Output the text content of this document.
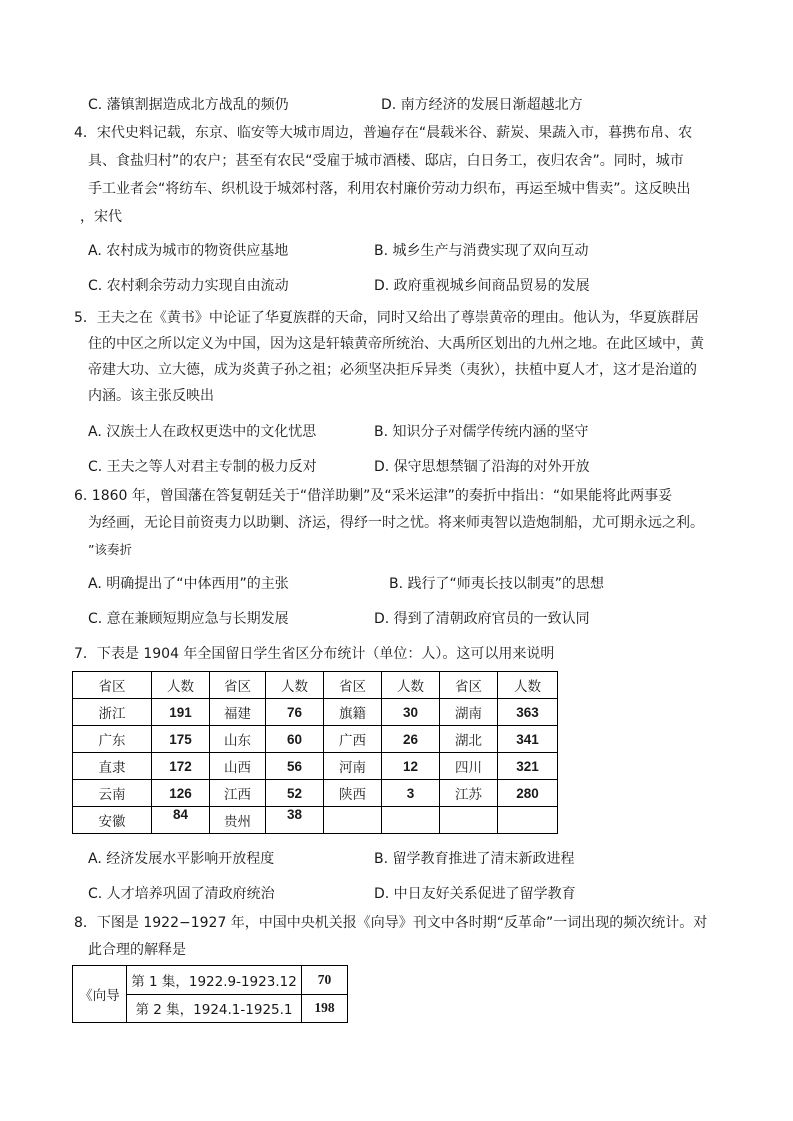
C. 藩镇割据造成北方战乱的频仍	D. 南方经济的发展日渐超越北方
4．宋代史料记载，东京、临安等大城市周边，普遍存在“晨载米谷、薪炭、果蔬入市，暮携布帛、农
具、食盐归村”的农户；甚至有农民“受雇于城市酒楼、邸店，白日务工，夜归农舍”。同时，城市
手工业者会“将纺车、织机设于城郊村落，利用农村廉价劳动力织布，再运至城中售卖”。这反映出
，宋代
A. 农村成为城市的物资供应基地	B. 城乡生产与消费实现了双向互动
C. 农村剩余劳动力实现自由流动	D. 政府重视城乡间商品贸易的发展
5．王夫之在《黄书》中论证了华夏族群的天命，同时又给出了尊崇黄帝的理由。他认为，华夏族群居
住的中区之所以定义为中国，因为这是轩辕黄帝所统治、大禹所区划出的九州之地。在此区域中，黄
帝建大功、立大德，成为炎黄子孙之祖；必须坚决拒斥异类（夷狄），扶植中夏人才，这才是治道的
内涵。该主张反映出
A. 汉族士人在政权更迭中的文化忧思	B. 知识分子对儒学传统内涵的坚守
C. 王夫之等人对君主专制的极力反对	D. 保守思想禁锢了沿海的对外开放
6. 1860 年，曾国藩在答复朝廷关于“借洋助剿”及“采米运津”的奏折中指出：“如果能将此两事妥
为经画，无论目前资夷力以助剿、济运，得纾一时之忧。将来师夷智以造炮制船，尤可期永远之利。
”该奏折
A. 明确提出了“中体西用”的主张	B. 践行了“师夷长技以制夷”的思想
C. 意在兼顾短期应急与长期发展	D. 得到了清朝政府官员的一致认同
7．下表是 1904 年全国留日学生省区分布统计（单位：人）。这可以用来说明
省区	人数	省区	人数	省区	人数	省区	人数
浙江	191	福建	76	旗籍	30	湖南	363
广东	175	山东	60	广西	26	湖北	341
直隶	172	山西	56	河南	12	四川	321
云南	126	江西	52	陕西	3	江苏	280
安徽	84	贵州	38				
A. 经济发展水平影响开放程度	B. 留学教育推进了清末新政进程
C. 人才培养巩固了清政府统治	D. 中日友好关系促进了留学教育
8．下图是 1922−1927 年，中国中央机关报《向导》刊文中各时期“反革命”一词出现的频次统计。对
此合理的解释是
《向导	第 1 集，1922.9-1923.12	70
	第 2 集，1924.1-1925.1	198
